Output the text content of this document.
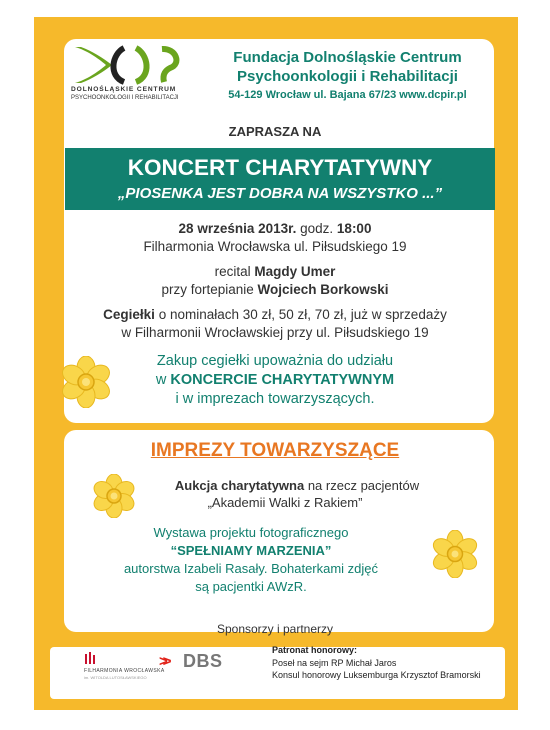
DOLNOŚLĄSKIE CENTRUM
PSYCHOONKOLOGII I REHABILITACJI
Fundacja Dolnośląskie Centrum
Psychoonkologii i Rehabilitacji
54-129 Wrocław ul. Bajana 67/23 www.dcpir.pl
ZAPRASZA NA
KONCERT CHARYTATYWNY
„PIOSENKA JEST DOBRA NA WSZYSTKO ...”
28 września 2013r. godz. 18:00
Filharmonia Wrocławska ul. Piłsudskiego 19
recital Magdy Umer
przy fortepianie Wojciech Borkowski
Cegiełki o nominałach 30 zł, 50 zł, 70 zł, już w sprzedaży
w Filharmonii Wrocławskiej przy ul. Piłsudskiego 19
Zakup cegiełki upoważnia do udziału
w KONCERCIE CHARYTATYWNYM
i w imprezach towarzyszących.
IMPREZY TOWARZYSZĄCE
Aukcja charytatywna na rzecz pacjentów
„Akademii Walki z Rakiem”
Wystawa projektu fotograficznego
“SPEŁNIAMY MARZENIA”
autorstwa Izabeli Rasały. Bohaterkami zdjęć
są pacjentki AWzR.
Sponsorzy i partnerzy
FILHARMONIA WROCŁAWSKA
im. WITOLDA LUTOSŁAWSKIEGO
>> DBS
Patronat honorowy:
Poseł na sejm RP Michał Jaros
Konsul honorowy Luksemburga Krzysztof Bramorski
